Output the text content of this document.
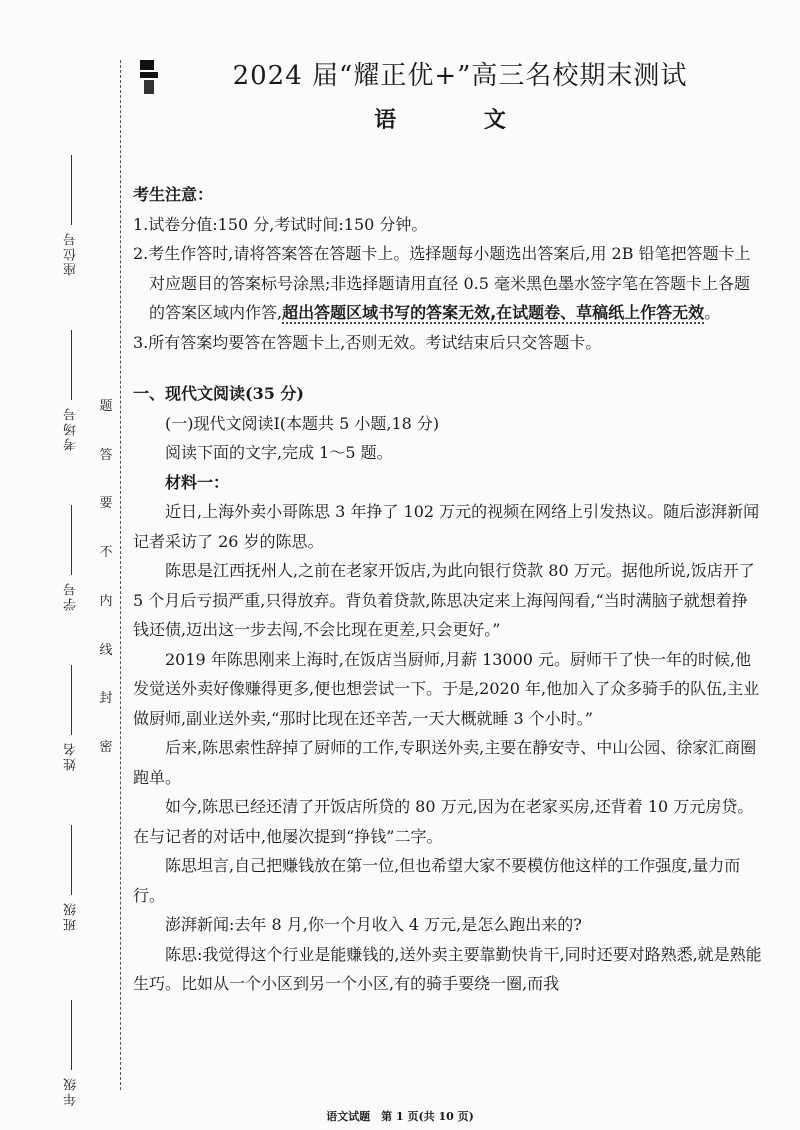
座位号
考场号
学号
姓名
班级
年级
题
答
要
不
内
线
封
密
2024 届“耀正优+”高三名校期末测试
语 文

考生注意：

1.试卷分值:150 分,考试时间:150 分钟。

2.考生作答时,请将答案答在答题卡上。选择题每小题选出答案后,用 2B 铅笔把答题卡上对应题目的答案标号涂黑;非选择题请用直径 0.5 毫米黑色墨水签字笔在答题卡上各题的答案区域内作答,超出答题区域书写的答案无效,在试题卷、草稿纸上作答无效。

3.所有答案均要答在答题卡上,否则无效。考试结束后只交答题卡。

一、现代文阅读(35 分)

(一)现代文阅读Ⅰ(本题共 5 小题,18 分)

阅读下面的文字,完成 1～5 题。

材料一：

近日,上海外卖小哥陈思 3 年挣了 102 万元的视频在网络上引发热议。随后澎湃新闻记者采访了 26 岁的陈思。

陈思是江西抚州人,之前在老家开饭店,为此向银行贷款 80 万元。据他所说,饭店开了 5 个月后亏损严重,只得放弃。背负着贷款,陈思决定来上海闯闯看,“当时满脑子就想着挣钱还债,迈出这一步去闯,不会比现在更差,只会更好。”

2019 年陈思刚来上海时,在饭店当厨师,月薪 13000 元。厨师干了快一年的时候,他发觉送外卖好像赚得更多,便也想尝试一下。于是,2020 年,他加入了众多骑手的队伍,主业做厨师,副业送外卖,“那时比现在还辛苦,一天大概就睡 3 个小时。”

后来,陈思索性辞掉了厨师的工作,专职送外卖,主要在静安寺、中山公园、徐家汇商圈跑单。

如今,陈思已经还清了开饭店所贷的 80 万元,因为在老家买房,还背着 10 万元房贷。在与记者的对话中,他屡次提到“挣钱”二字。

陈思坦言,自己把赚钱放在第一位,但也希望大家不要模仿他这样的工作强度,量力而行。

澎湃新闻:去年 8 月,你一个月收入 4 万元,是怎么跑出来的?

陈思:我觉得这个行业是能赚钱的,送外卖主要靠勤快肯干,同时还要对路熟悉,就是熟能生巧。比如从一个小区到另一个小区,有的骑手要绕一圈,而我

语文试题　第 1 页(共 10 页)
